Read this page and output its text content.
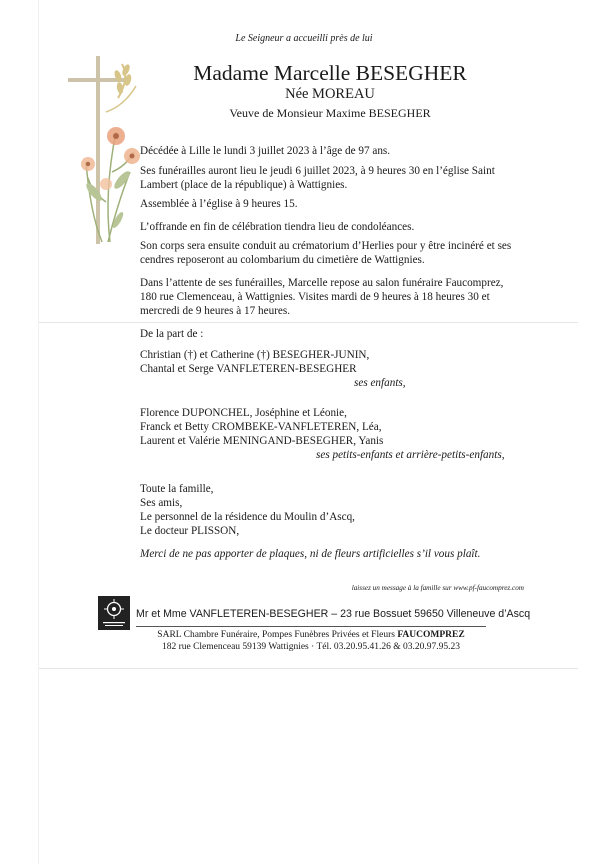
Le Seigneur a accueilli près de lui
Madame Marcelle BESEGHER
Née MOREAU
Veuve de Monsieur Maxime BESEGHER
Décédée à Lille le lundi 3 juillet 2023 à l’âge de 97 ans.
Ses funérailles auront lieu le jeudi 6 juillet 2023, à 9 heures 30 en l’église Saint
Lambert (place de la république) à Wattignies.
Assemblée à l’église à 9 heures 15.
L’offrande en fin de célébration tiendra lieu de condoléances.
Son corps sera ensuite conduit au crématorium d’Herlies pour y être incinéré et ses
cendres reposeront au colombarium du cimetière de Wattignies.
Dans l’attente de ses funérailles, Marcelle repose au salon funéraire Faucomprez,
180 rue Clemenceau, à Wattignies. Visites mardi de 9 heures à 18 heures 30 et
mercredi de 9 heures à 17 heures.
De la part de :
Christian (†) et Catherine (†) BESEGHER-JUNIN,
Chantal et Serge VANFLETEREN-BESEGHER
ses enfants,
Florence DUPONCHEL, Joséphine et Léonie,
Franck et Betty CROMBEKE-VANFLETEREN, Léa,
Laurent et Valérie MENINGAND-BESEGHER, Yanis
ses petits-enfants et arrière-petits-enfants,
Toute la famille,
Ses amis,
Le personnel de la résidence du Moulin d’Ascq,
Le docteur PLISSON,
Merci de ne pas apporter de plaques, ni de fleurs artificielles s’il vous plaît.
laissez un message à la famille sur www.pf-faucomprez.com
Mr et Mme VANFLETEREN-BESEGHER – 23 rue Bossuet 59650 Villeneuve d’Ascq
SARL Chambre Funéraire, Pompes Funèbres Privées et Fleurs FAUCOMPREZ
182 rue Clemenceau 59139 Wattignies · Tél. 03.20.95.41.26 & 03.20.97.95.23
